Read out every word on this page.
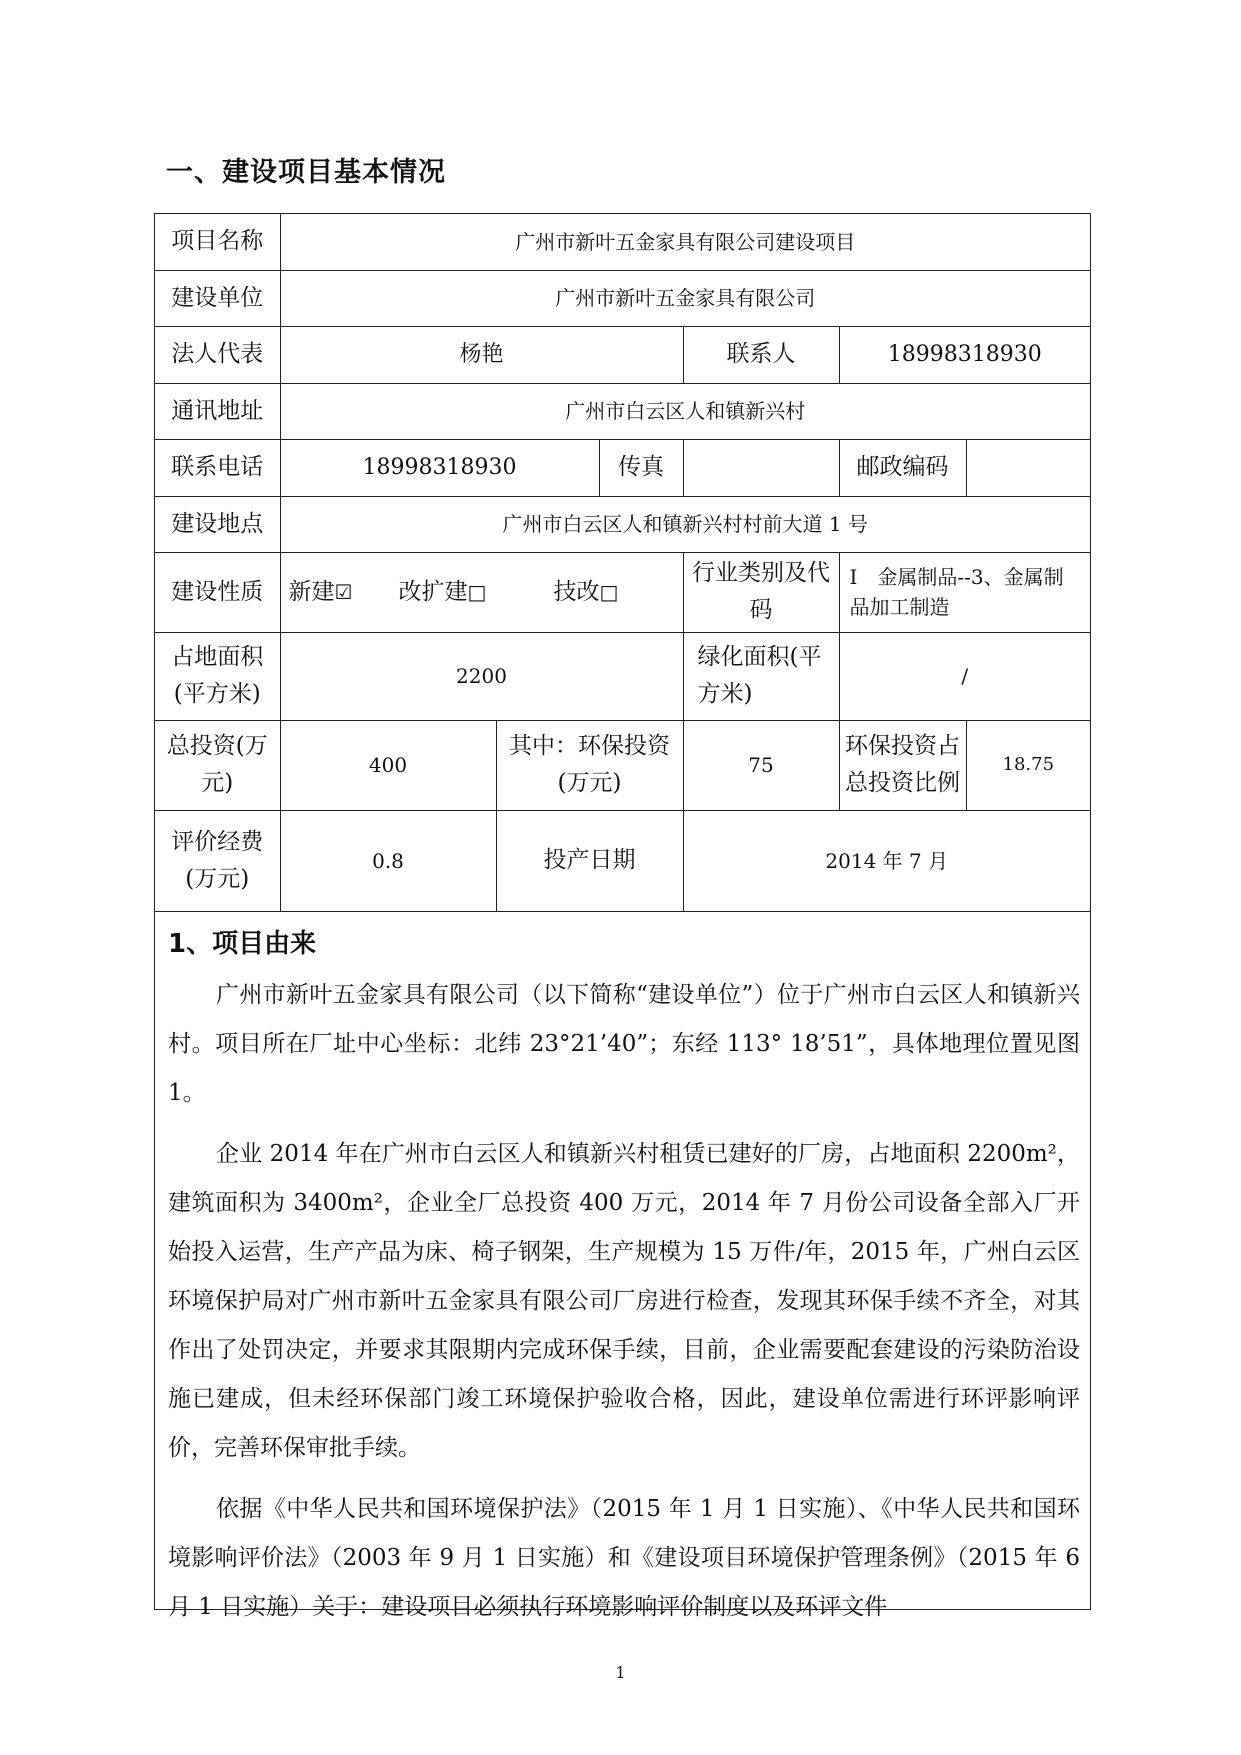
一、建设项目基本情况
项目名称	广州市新叶五金家具有限公司建设项目					
建设单位	广州市新叶五金家具有限公司					
法人代表	杨艳			联系人	18998318930	
通讯地址	广州市白云区人和镇新兴村					
联系电话	18998318930		传真		邮政编码	
建设地点	广州市白云区人和镇新兴村村前大道 1 号					
建设性质	新建☑ 改扩建□ 技改□			行业类别及代码	I　金属制品--3、金属制品加工制造	
占地面积(平方米)	2200			绿化面积(平方米)	/	
总投资(万元)	400	其中：环保投资(万元)		75	环保投资占总投资比例	18.75
评价经费(万元)	0.8	投产日期		2014 年 7 月		
1、项目由来

广州市新叶五金家具有限公司（以下简称“建设单位”）位于广州市白云区人和镇新兴村。项目所在厂址中心坐标：北纬 23°21’40”；东经 113° 18’51”，具体地理位置见图 1。

企业 2014 年在广州市白云区人和镇新兴村租赁已建好的厂房，占地面积 2200m²，建筑面积为 3400m²，企业全厂总投资 400 万元，2014 年 7 月份公司设备全部入厂开始投入运营，生产产品为床、椅子钢架，生产规模为 15 万件/年，2015 年，广州白云区环境保护局对广州市新叶五金家具有限公司厂房进行检查，发现其环保手续不齐全，对其作出了处罚决定，并要求其限期内完成环保手续，目前，企业需要配套建设的污染防治设施已建成，但未经环保部门竣工环境保护验收合格，因此，建设单位需进行环评影响评价，完善环保审批手续。

依据《中华人民共和国环境保护法》（2015 年 1 月 1 日实施）、《中华人民共和国环境影响评价法》（2003 年 9 月 1 日实施）和《建设项目环境保护管理条例》（2015 年 6 月 1 日实施）关于：建设项目必须执行环境影响评价制度以及环评文件

1
